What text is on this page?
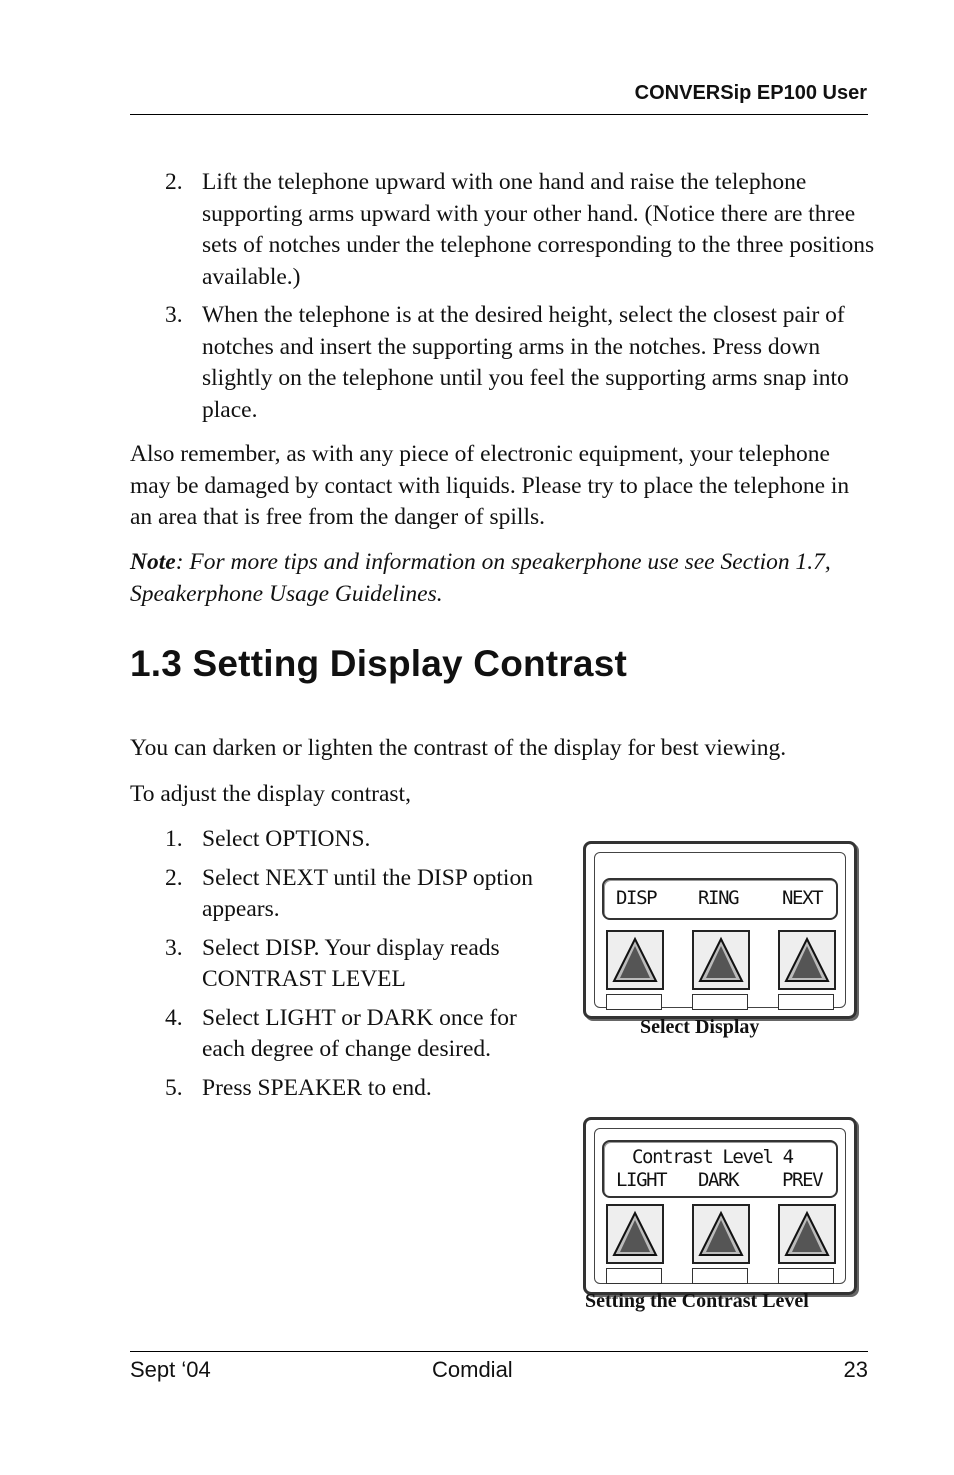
CONVERSip EP100 User
2. Lift the telephone upward with one hand and raise the telephone supporting arms upward with your other hand. (Notice there are three sets of notches under the telephone corresponding to the three positions available.)
3. When the telephone is at the desired height, select the closest pair of notches and insert the supporting arms in the notches. Press down slightly on the telephone until you feel the supporting arms snap into place.

Also remember, as with any piece of electronic equipment, your telephone may be damaged by contact with liquids. Please try to place the telephone in an area that is free from the danger of spills.

Note: For more tips and information on speakerphone use see Section 1.7, Speakerphone Usage Guidelines.

1.3 Setting Display Contrast

You can darken or lighten the contrast of the display for best viewing.

To adjust the display contrast,

1. Select OPTIONS.
2. Select NEXT until the DISP option appears.
3. Select DISP. Your display reads CONTRAST LEVEL
4. Select LIGHT or DARK once for each degree of change desired.
5. Press SPEAKER to end.
DISP RING NEXT
Select Display
Contrast Level 4
LIGHT DARK PREV
Setting the Contrast Level
Sept ‘04	Comdial	23
